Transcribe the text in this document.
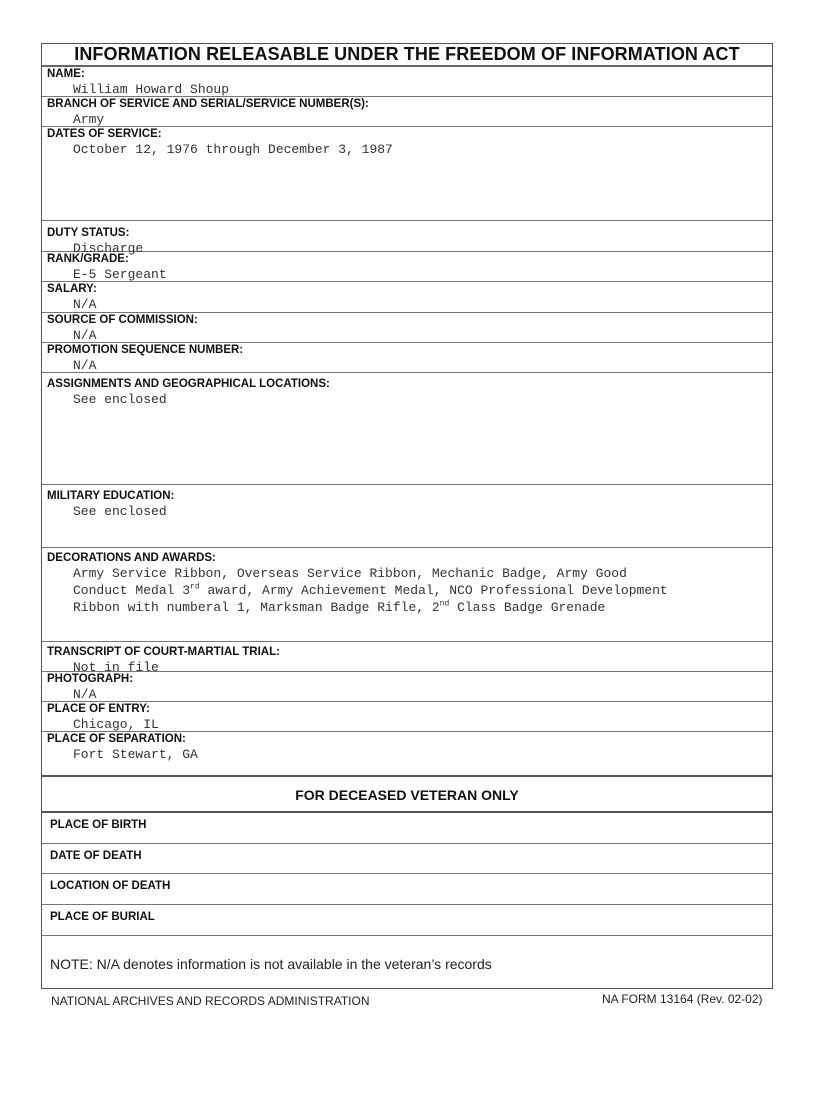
INFORMATION RELEASABLE UNDER THE FREEDOM OF INFORMATION ACT
NAME:
William Howard Shoup
BRANCH OF SERVICE AND SERIAL/SERVICE NUMBER(S):
Army
DATES OF SERVICE:
October 12, 1976 through December 3, 1987
DUTY STATUS:
Discharge
RANK/GRADE:
E-5 Sergeant
SALARY:
N/A
SOURCE OF COMMISSION:
N/A
PROMOTION SEQUENCE NUMBER:
N/A
ASSIGNMENTS AND GEOGRAPHICAL LOCATIONS:
See enclosed
MILITARY EDUCATION:
See enclosed
DECORATIONS AND AWARDS:
Army Service Ribbon, Overseas Service Ribbon, Mechanic Badge, Army Good
Conduct Medal 3rd award, Army Achievement Medal, NCO Professional Development
Ribbon with numberal 1, Marksman Badge Rifle, 2nd Class Badge Grenade
TRANSCRIPT OF COURT-MARTIAL TRIAL:
Not in file
PHOTOGRAPH:
N/A
PLACE OF ENTRY:
Chicago, IL
PLACE OF SEPARATION:
Fort Stewart, GA
FOR DECEASED VETERAN ONLY
PLACE OF BIRTH
DATE OF DEATH
LOCATION OF DEATH
PLACE OF BURIAL
NOTE: N/A denotes information is not available in the veteran’s records
NATIONAL ARCHIVES AND RECORDS ADMINISTRATION	NA FORM 13164 (Rev. 02-02)
